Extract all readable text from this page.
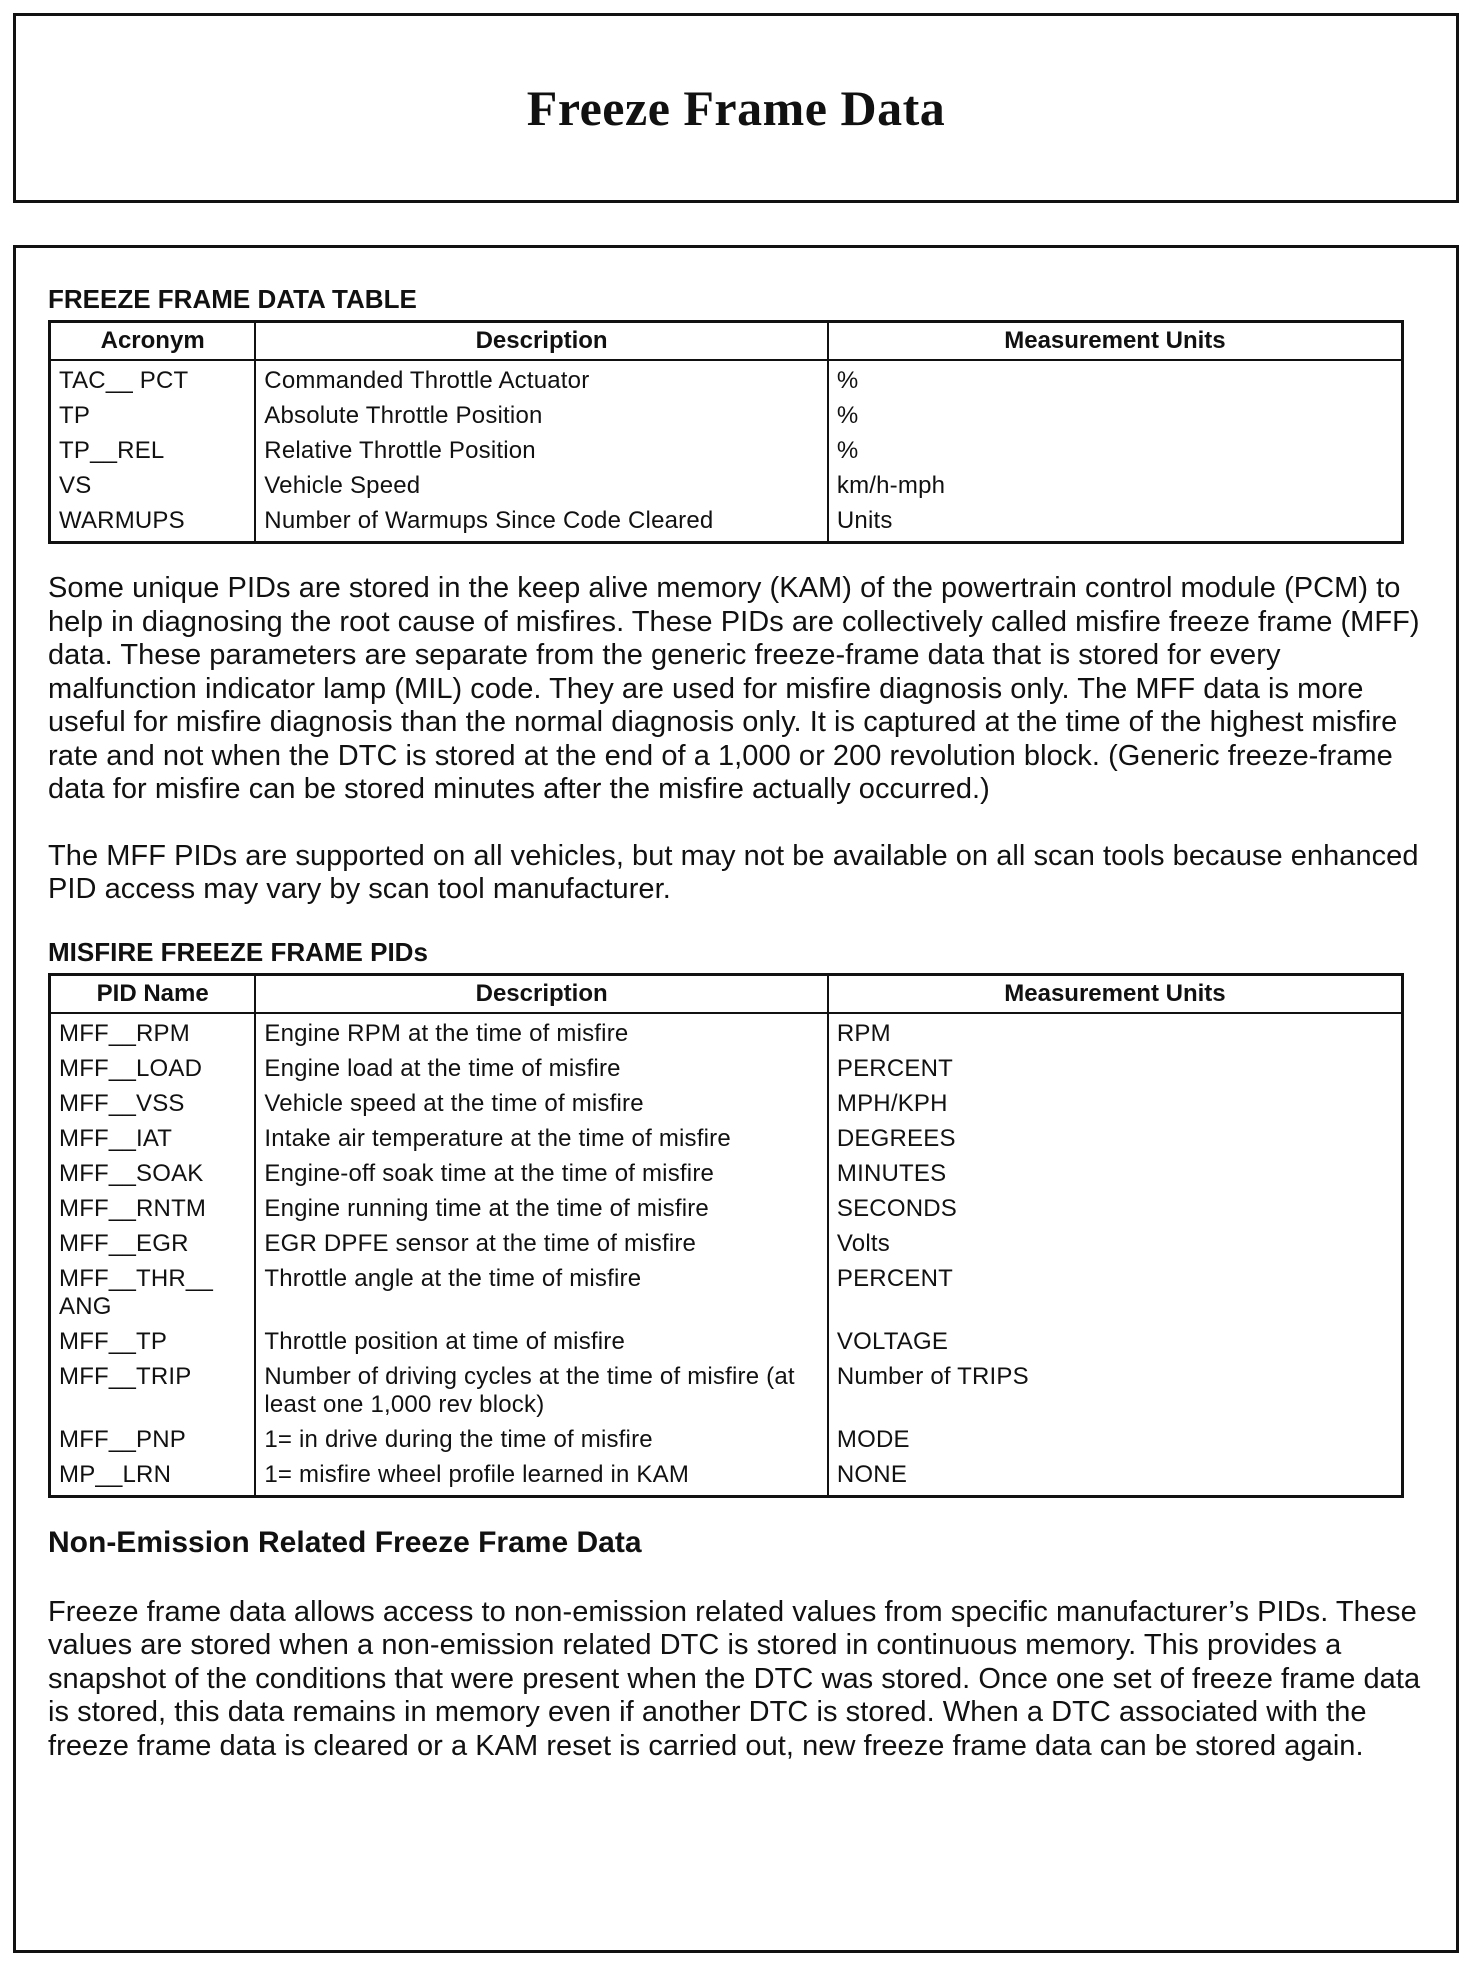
Freeze Frame Data
FREEZE FRAME DATA TABLE
Acronym	Description	Measurement Units
TAC__ PCT	Commanded Throttle Actuator	%
TP	Absolute Throttle Position	%
TP__REL	Relative Throttle Position	%
VS	Vehicle Speed	km/h-mph
WARMUPS	Number of Warmups Since Code Cleared	Units

Some unique PIDs are stored in the keep alive memory (KAM) of the powertrain control module (PCM) to help in diagnosing the root cause of misfires. These PIDs are collectively called misfire freeze frame (MFF) data. These parameters are separate from the generic freeze-frame data that is stored for every malfunction indicator lamp (MIL) code. They are used for misfire diagnosis only. The MFF data is more useful for misfire diagnosis than the normal diagnosis only. It is captured at the time of the highest misfire rate and not when the DTC is stored at the end of a 1,000 or 200 revolution block. (Generic freeze-frame data for misfire can be stored minutes after the misfire actually occurred.)

The MFF PIDs are supported on all vehicles, but may not be available on all scan tools because enhanced PID access may vary by scan tool manufacturer.

MISFIRE FREEZE FRAME PIDs
PID Name	Description	Measurement Units
MFF__RPM	Engine RPM at the time of misfire	RPM
MFF__LOAD	Engine load at the time of misfire	PERCENT
MFF__VSS	Vehicle speed at the time of misfire	MPH/KPH
MFF__IAT	Intake air temperature at the time of misfire	DEGREES
MFF__SOAK	Engine-off soak time at the time of misfire	MINUTES
MFF__RNTM	Engine running time at the time of misfire	SECONDS
MFF__EGR	EGR DPFE sensor at the time of misfire	Volts
MFF__THR__ ANG	Throttle angle at the time of misfire	PERCENT
MFF__TP	Throttle position at time of misfire	VOLTAGE
MFF__TRIP	Number of driving cycles at the time of misfire (at least one 1,000 rev block)	Number of TRIPS
MFF__PNP	1= in drive during the time of misfire	MODE
MP__LRN	1= misfire wheel profile learned in KAM	NONE
Non-Emission Related Freeze Frame Data

Freeze frame data allows access to non-emission related values from specific manufacturer’s PIDs. These values are stored when a non-emission related DTC is stored in continuous memory. This provides a snapshot of the conditions that were present when the DTC was stored. Once one set of freeze frame data is stored, this data remains in memory even if another DTC is stored. When a DTC associated with the freeze frame data is cleared or a KAM reset is carried out, new freeze frame data can be stored again.
